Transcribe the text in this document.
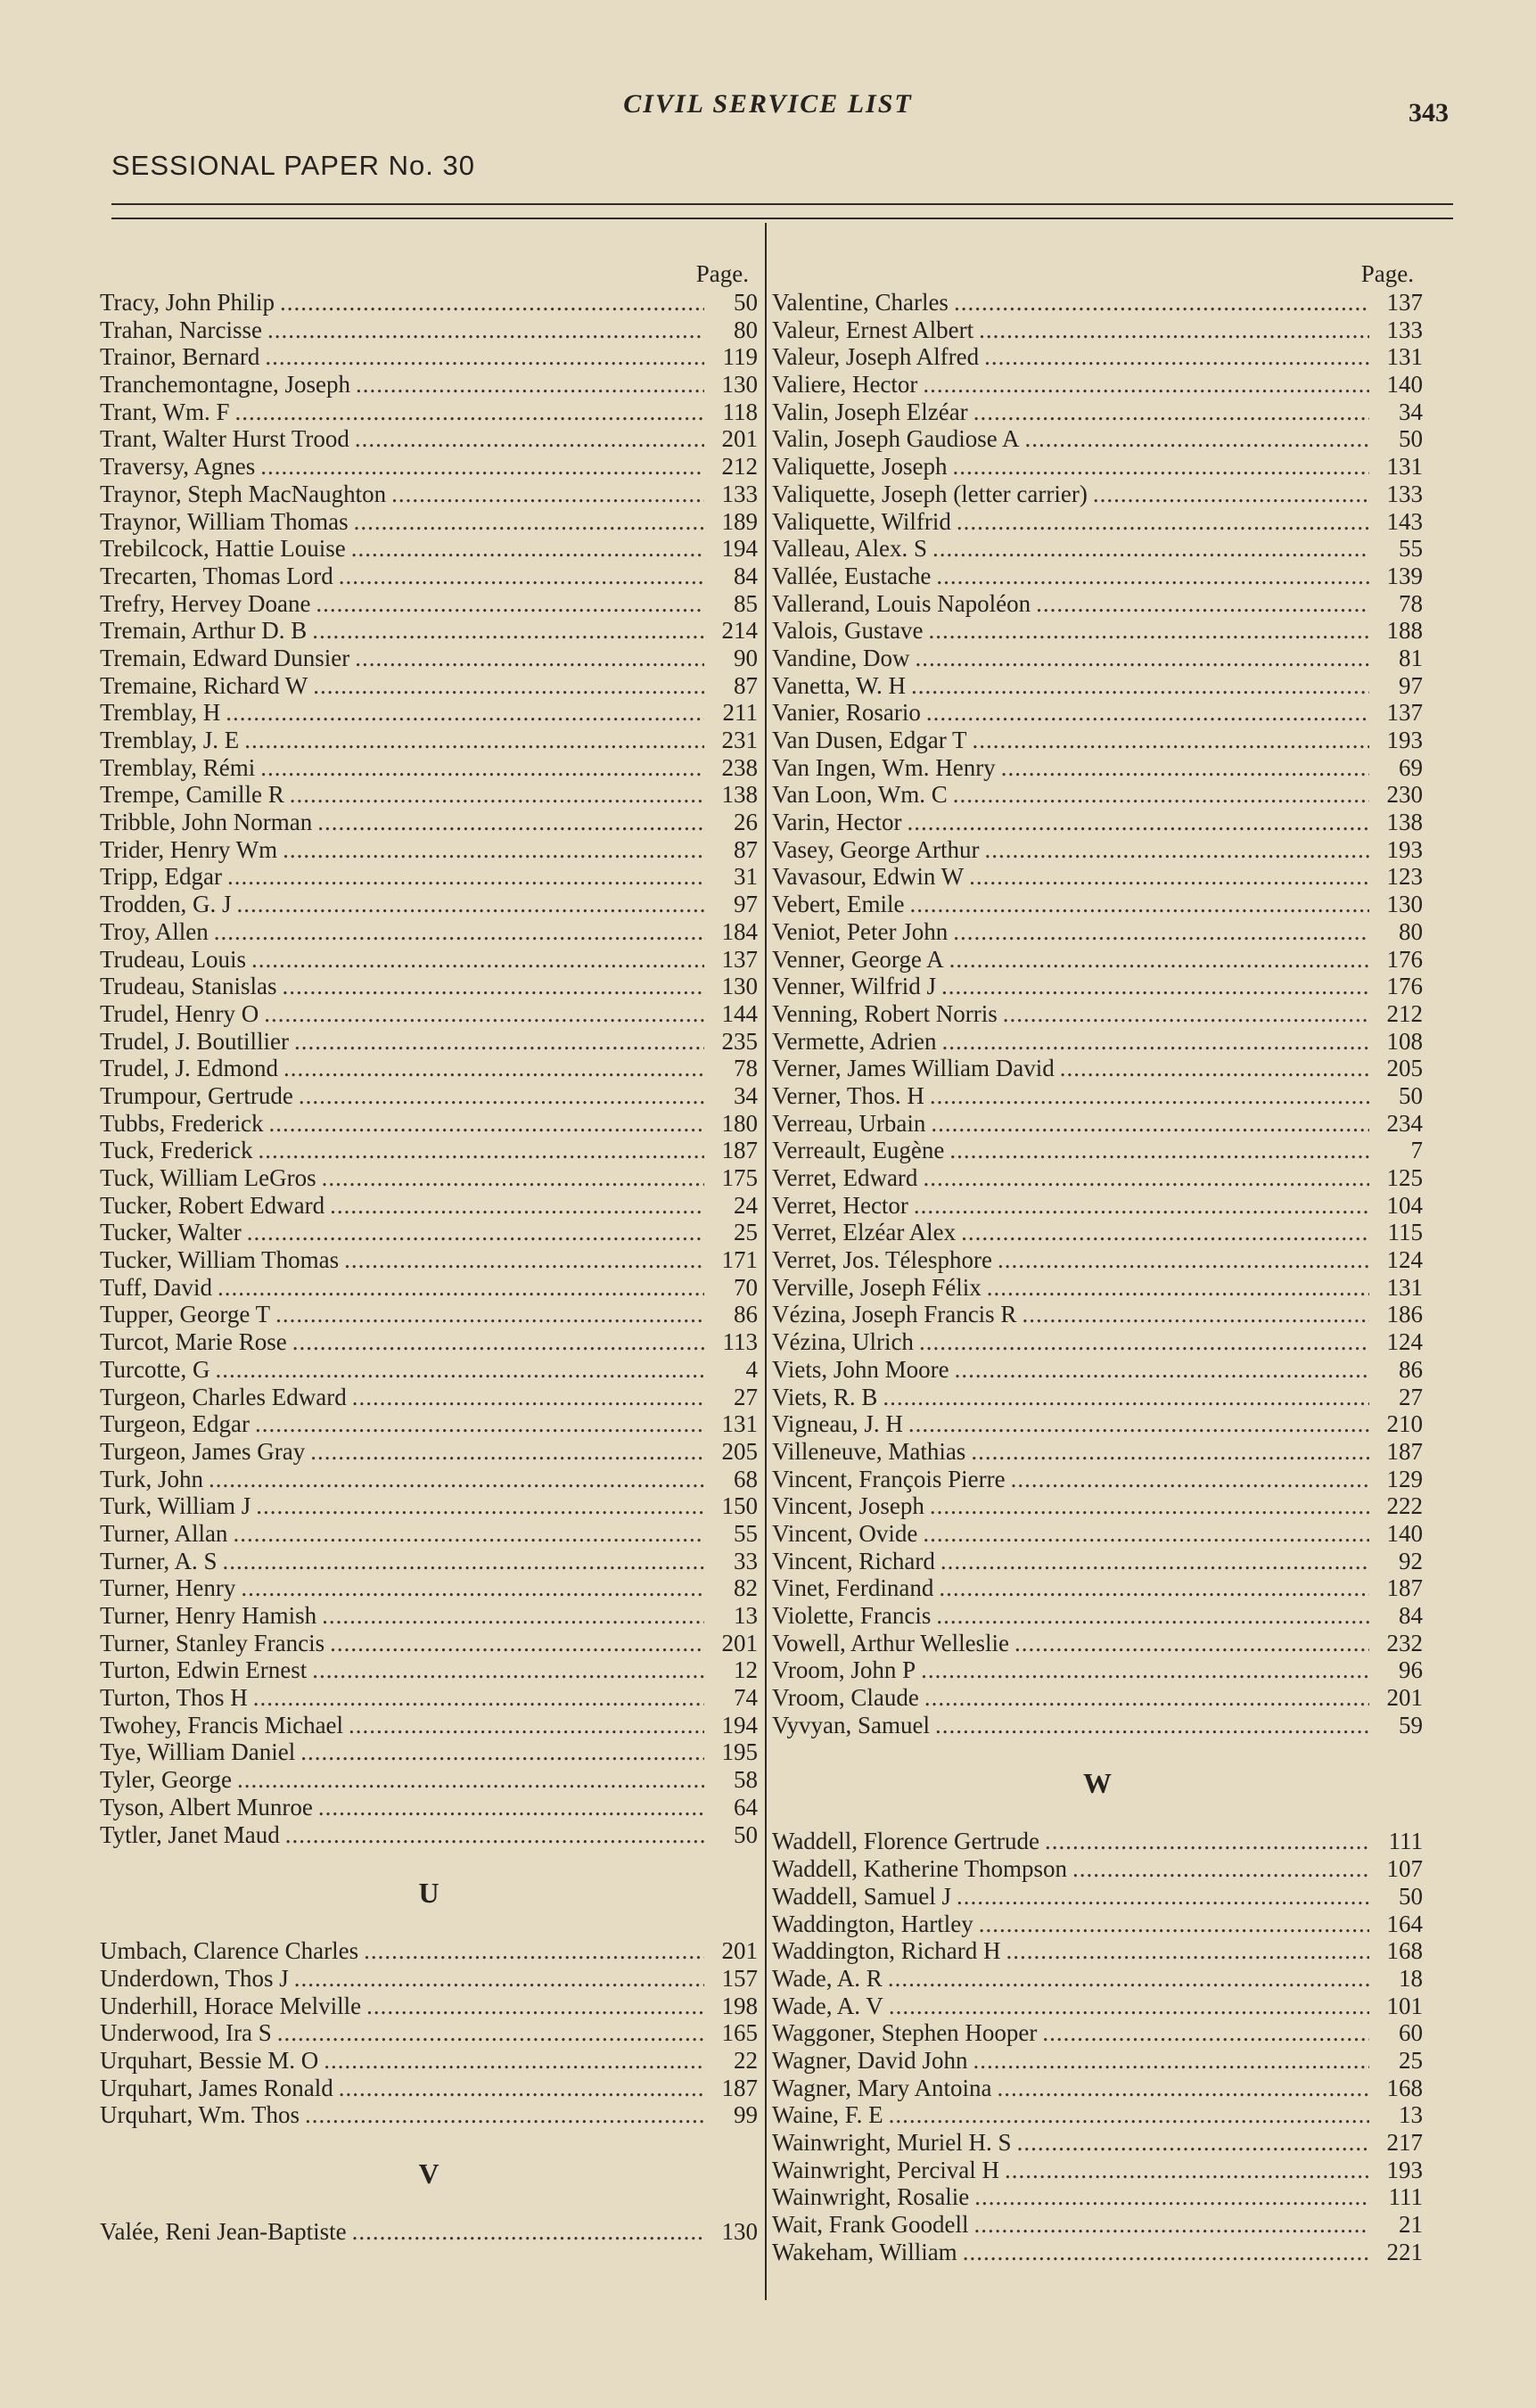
CIVIL SERVICE LIST	343
SESSIONAL PAPER No. 30
Page.
Tracy, John Philip .....	50
Trahan, Narcisse .....	80
Trainor, Bernard .....	119
Tranchemontagne, Joseph .....	130
Trant, Wm. F .....	118
Trant, Walter Hurst Trood .....	201
Traversy, Agnes .....	212
Traynor, Steph MacNaughton .....	133
Traynor, William Thomas .....	189
Trebilcock, Hattie Louise .....	194
Trecarten, Thomas Lord .....	84
Trefry, Hervey Doane .....	85
Tremain, Arthur D. B .....	214
Tremain, Edward Dunsier .....	90
Tremaine, Richard W .....	87
Tremblay, H .....	211
Tremblay, J. E .....	231
Tremblay, Rémi .....	238
Trempe, Camille R .....	138
Tribble, John Norman .....	26
Trider, Henry Wm .....	87
Tripp, Edgar .....	31
Trodden, G. J .....	97
Troy, Allen .....	184
Trudeau, Louis .....	137
Trudeau, Stanislas .....	130
Trudel, Henry O .....	144
Trudel, J. Boutillier .....	235
Trudel, J. Edmond .....	78
Trumpour, Gertrude .....	34
Tubbs, Frederick .....	180
Tuck, Frederick .....	187
Tuck, William LeGros .....	175
Tucker, Robert Edward .....	24
Tucker, Walter .....	25
Tucker, William Thomas .....	171
Tuff, David .....	70
Tupper, George T .....	86
Turcot, Marie Rose .....	113
Turcotte, G .....	4
Turgeon, Charles Edward .....	27
Turgeon, Edgar .....	131
Turgeon, James Gray .....	205
Turk, John .....	68
Turk, William J .....	150
Turner, Allan .....	55
Turner, A. S .....	33
Turner, Henry .....	82
Turner, Henry Hamish .....	13
Turner, Stanley Francis .....	201
Turton, Edwin Ernest .....	12
Turton, Thos H .....	74
Twohey, Francis Michael .....	194
Tye, William Daniel .....	195
Tyler, George .....	58
Tyson, Albert Munroe .....	64
Tytler, Janet Maud .....	50
U
Umbach, Clarence Charles .....	201
Underdown, Thos J .....	157
Underhill, Horace Melville .....	198
Underwood, Ira S .....	165
Urquhart, Bessie M. O .....	22
Urquhart, James Ronald .....	187
Urquhart, Wm. Thos .....	99
V
Valée, Reni Jean-Baptiste .....	130
Page.
Valentine, Charles .....	137
Valeur, Ernest Albert .....	133
Valeur, Joseph Alfred .....	131
Valiere, Hector .....	140
Valin, Joseph Elzéar .....	34
Valin, Joseph Gaudiose A .....	50
Valiquette, Joseph .....	131
Valiquette, Joseph (letter carrier) .....	133
Valiquette, Wilfrid .....	143
Valleau, Alex. S .....	55
Vallée, Eustache .....	139
Vallerand, Louis Napoléon .....	78
Valois, Gustave .....	188
Vandine, Dow .....	81
Vanetta, W. H .....	97
Vanier, Rosario .....	137
Van Dusen, Edgar T .....	193
Van Ingen, Wm. Henry .....	69
Van Loon, Wm. C .....	230
Varin, Hector .....	138
Vasey, George Arthur .....	193
Vavasour, Edwin W .....	123
Vebert, Emile .....	130
Veniot, Peter John .....	80
Venner, George A .....	176
Venner, Wilfrid J .....	176
Venning, Robert Norris .....	212
Vermette, Adrien .....	108
Verner, James William David .....	205
Verner, Thos. H .....	50
Verreau, Urbain .....	234
Verreault, Eugène .....	7
Verret, Edward .....	125
Verret, Hector .....	104
Verret, Elzéar Alex .....	115
Verret, Jos. Télesphore .....	124
Verville, Joseph Félix .....	131
Vézina, Joseph Francis R .....	186
Vézina, Ulrich .....	124
Viets, John Moore .....	86
Viets, R. B .....	27
Vigneau, J. H .....	210
Villeneuve, Mathias .....	187
Vincent, François Pierre .....	129
Vincent, Joseph .....	222
Vincent, Ovide .....	140
Vincent, Richard .....	92
Vinet, Ferdinand .....	187
Violette, Francis .....	84
Vowell, Arthur Welleslie .....	232
Vroom, John P .....	96
Vroom, Claude .....	201
Vyvyan, Samuel .....	59
W
Waddell, Florence Gertrude .....	111
Waddell, Katherine Thompson .....	107
Waddell, Samuel J .....	50
Waddington, Hartley .....	164
Waddington, Richard H .....	168
Wade, A. R .....	18
Wade, A. V .....	101
Waggoner, Stephen Hooper .....	60
Wagner, David John .....	25
Wagner, Mary Antoina .....	168
Waine, F. E .....	13
Wainwright, Muriel H. S .....	217
Wainwright, Percival H .....	193
Wainwright, Rosalie .....	111
Wait, Frank Goodell .....	21
Wakeham, William .....	221
